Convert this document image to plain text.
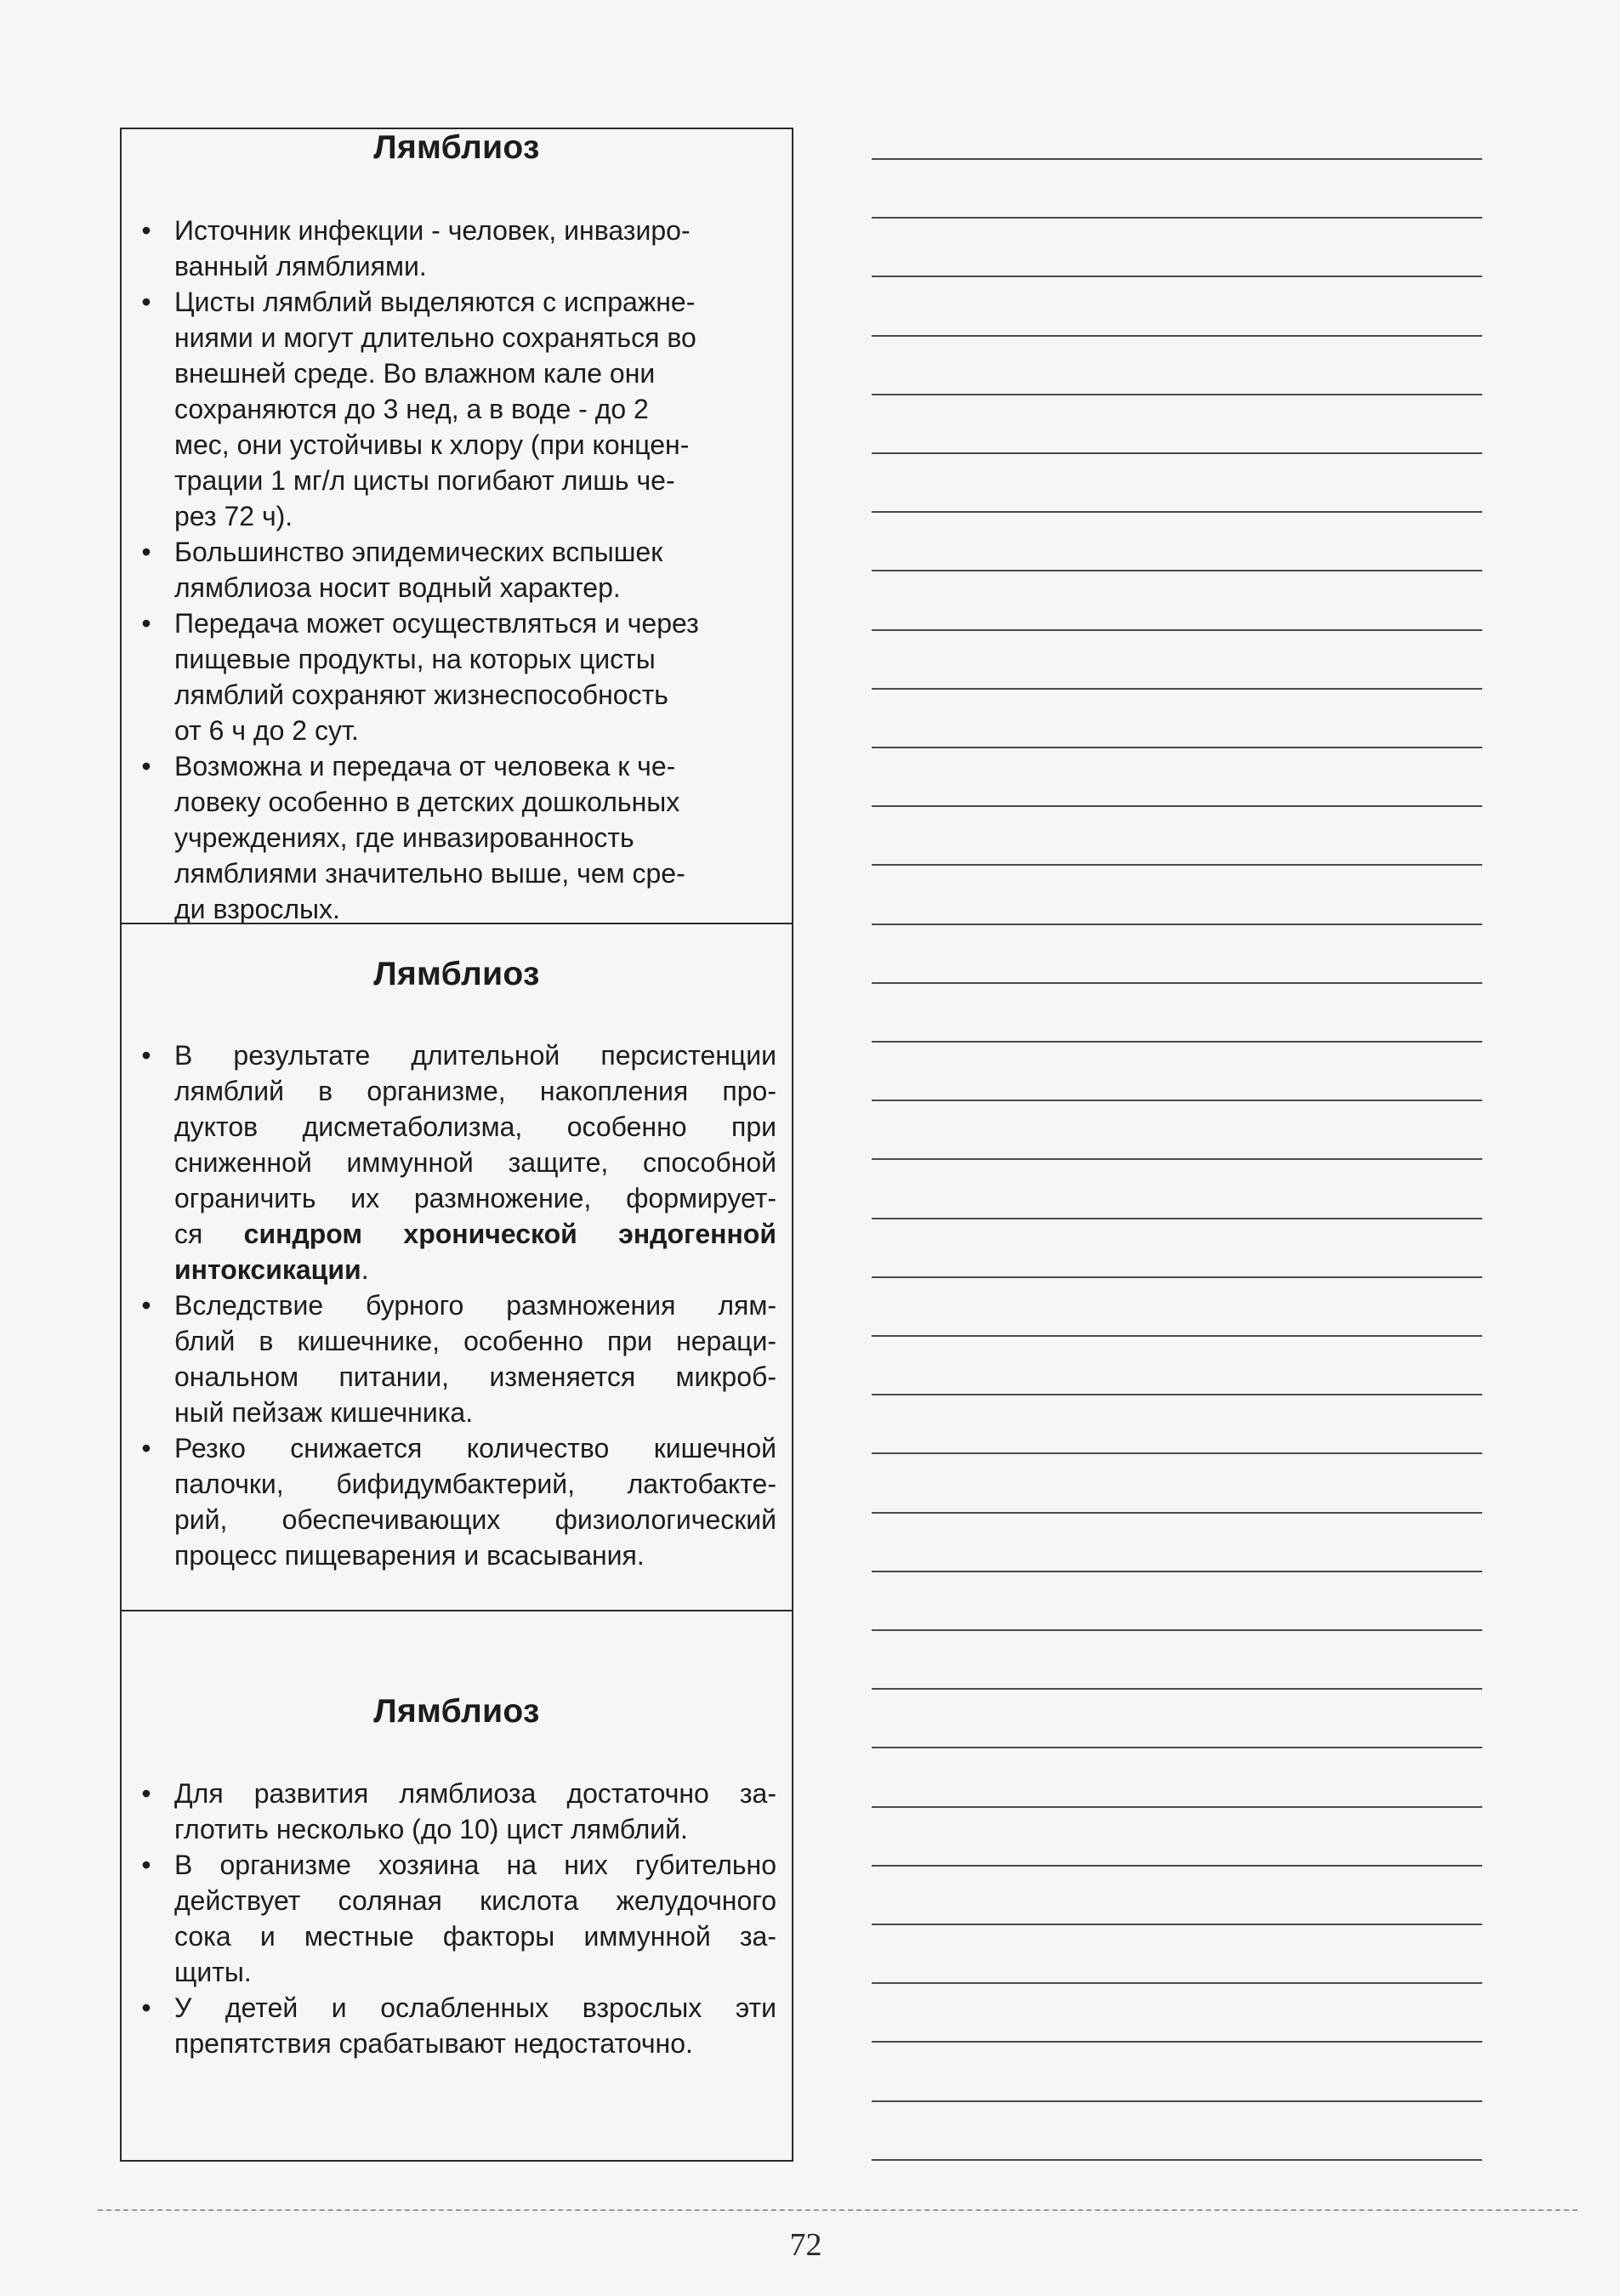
Лямблиоз
• Источник инфекции - человек, инвазиро-
ванный лямблиями.
• Цисты лямблий выделяются с испражне-
ниями и могут длительно сохраняться во
внешней среде. Во влажном кале они
сохраняются до 3 нед, а в воде - до 2
мес, они устойчивы к хлору (при концен-
трации 1 мг/л цисты погибают лишь че-
рез 72 ч).
• Большинство эпидемических вспышек
лямблиоза носит водный характер.
• Передача может осуществляться и через
пищевые продукты, на которых цисты
лямблий сохраняют жизнеспособность
от 6 ч до 2 сут.
• Возможна и передача от человека к че-
ловеку особенно в детских дошкольных
учреждениях, где инвазированность
лямблиями значительно выше, чем сре-
ди взрослых.
Лямблиоз
• В результате длительной персистенции
лямблий в организме, накопления про-
дуктов дисметаболизма, особенно при
сниженной иммунной защите, способной
ограничить их размножение, формирует-
ся синдром хронической эндогенной
интоксикации.
• Вследствие бурного размножения лям-
блий в кишечнике, особенно при нераци-
ональном питании, изменяется микроб-
ный пейзаж кишечника.
• Резко снижается количество кишечной
палочки, бифидумбактерий, лактобакте-
рий, обеспечивающих физиологический
процесс пищеварения и всасывания.
Лямблиоз
• Для развития лямблиоза достаточно за-
глотить несколько (до 10) цист лямблий.
• В организме хозяина на них губительно
действует соляная кислота желудочного
сока и местные факторы иммунной за-
щиты.
• У детей и ослабленных взрослых эти
препятствия срабатывают недостаточно.
72
